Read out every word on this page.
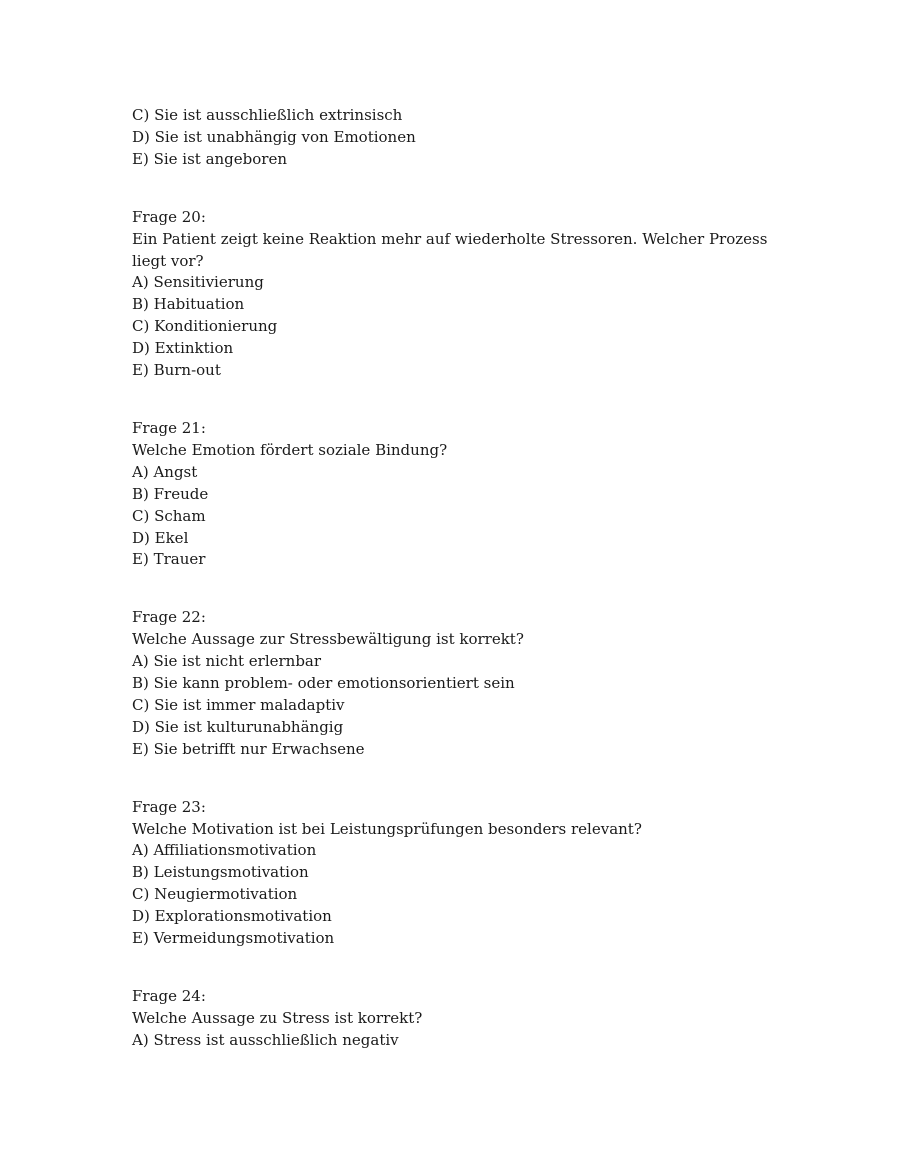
C) Sie ist ausschließlich extrinsisch
D) Sie ist unabhängig von Emotionen
E) Sie ist angeboren
Frage 20:
Ein Patient zeigt keine Reaktion mehr auf wiederholte Stressoren. Welcher Prozess liegt vor?
A) Sensitivierung
B) Habituation
C) Konditionierung
D) Extinktion
E) Burn-out
Frage 21:
Welche Emotion fördert soziale Bindung?
A) Angst
B) Freude
C) Scham
D) Ekel
E) Trauer
Frage 22:
Welche Aussage zur Stressbewältigung ist korrekt?
A) Sie ist nicht erlernbar
B) Sie kann problem- oder emotionsorientiert sein
C) Sie ist immer maladaptiv
D) Sie ist kulturunabhängig
E) Sie betrifft nur Erwachsene
Frage 23:
Welche Motivation ist bei Leistungsprüfungen besonders relevant?
A) Affiliationsmotivation
B) Leistungsmotivation
C) Neugiermotivation
D) Explorationsmotivation
E) Vermeidungsmotivation
Frage 24:
Welche Aussage zu Stress ist korrekt?
A) Stress ist ausschließlich negativ
